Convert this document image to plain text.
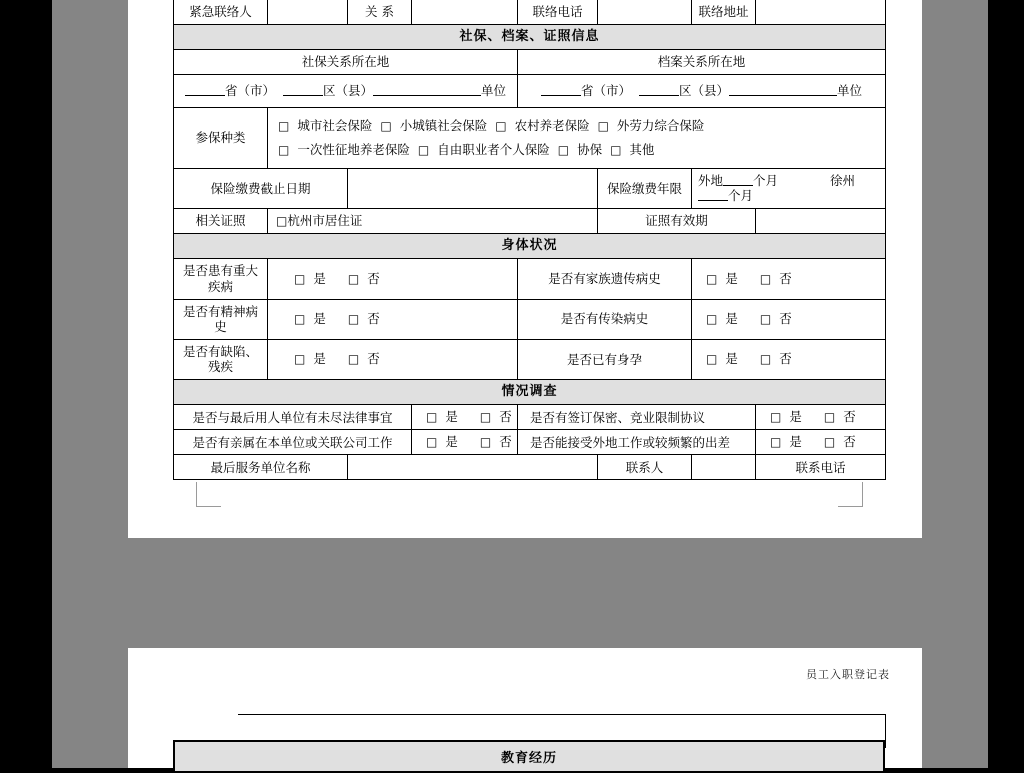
紧急联络人		关 系		联络电话		联络地址	
社保、档案、证照信息							
社保关系所在地				档案关系所在地			
省（市） 区（县） 单位				省（市） 区（县） 单位			
参保种类	□ 城市社会保险 □ 小城镇社会保险 □ 农村养老保险 □ 外劳力综合保险
□ 一次性征地养老保险 □ 自由职业者个人保险 □ 协保 □ 其他						

保险缴费截止日期					保险缴费年限	外地 个月 徐州个月	
相关证照	□杭州市居住证				证照有效期		
身体状况							
是否患有重大疾病	□ 是 □ 否			是否有家族遗传病史		□ 是 □ 否	
是否有精神病史	□ 是 □ 否			是否有传染病史		□ 是 □ 否	
是否有缺陷、残疾	□ 是 □ 否			是否已有身孕		□ 是 □ 否	
情况调查							
是否与最后用人单位有未尽法律事宜			□ 是 □ 否	是否有签订保密、竞业限制协议			□ 是 □ 否
是否有亲属在本单位或关联公司工作			□ 是 □ 否	是否能接受外地工作或较频繁的出差			□ 是 □ 否
最后服务单位名称					联系人		联系电话
员工入职登记表
教育经历
